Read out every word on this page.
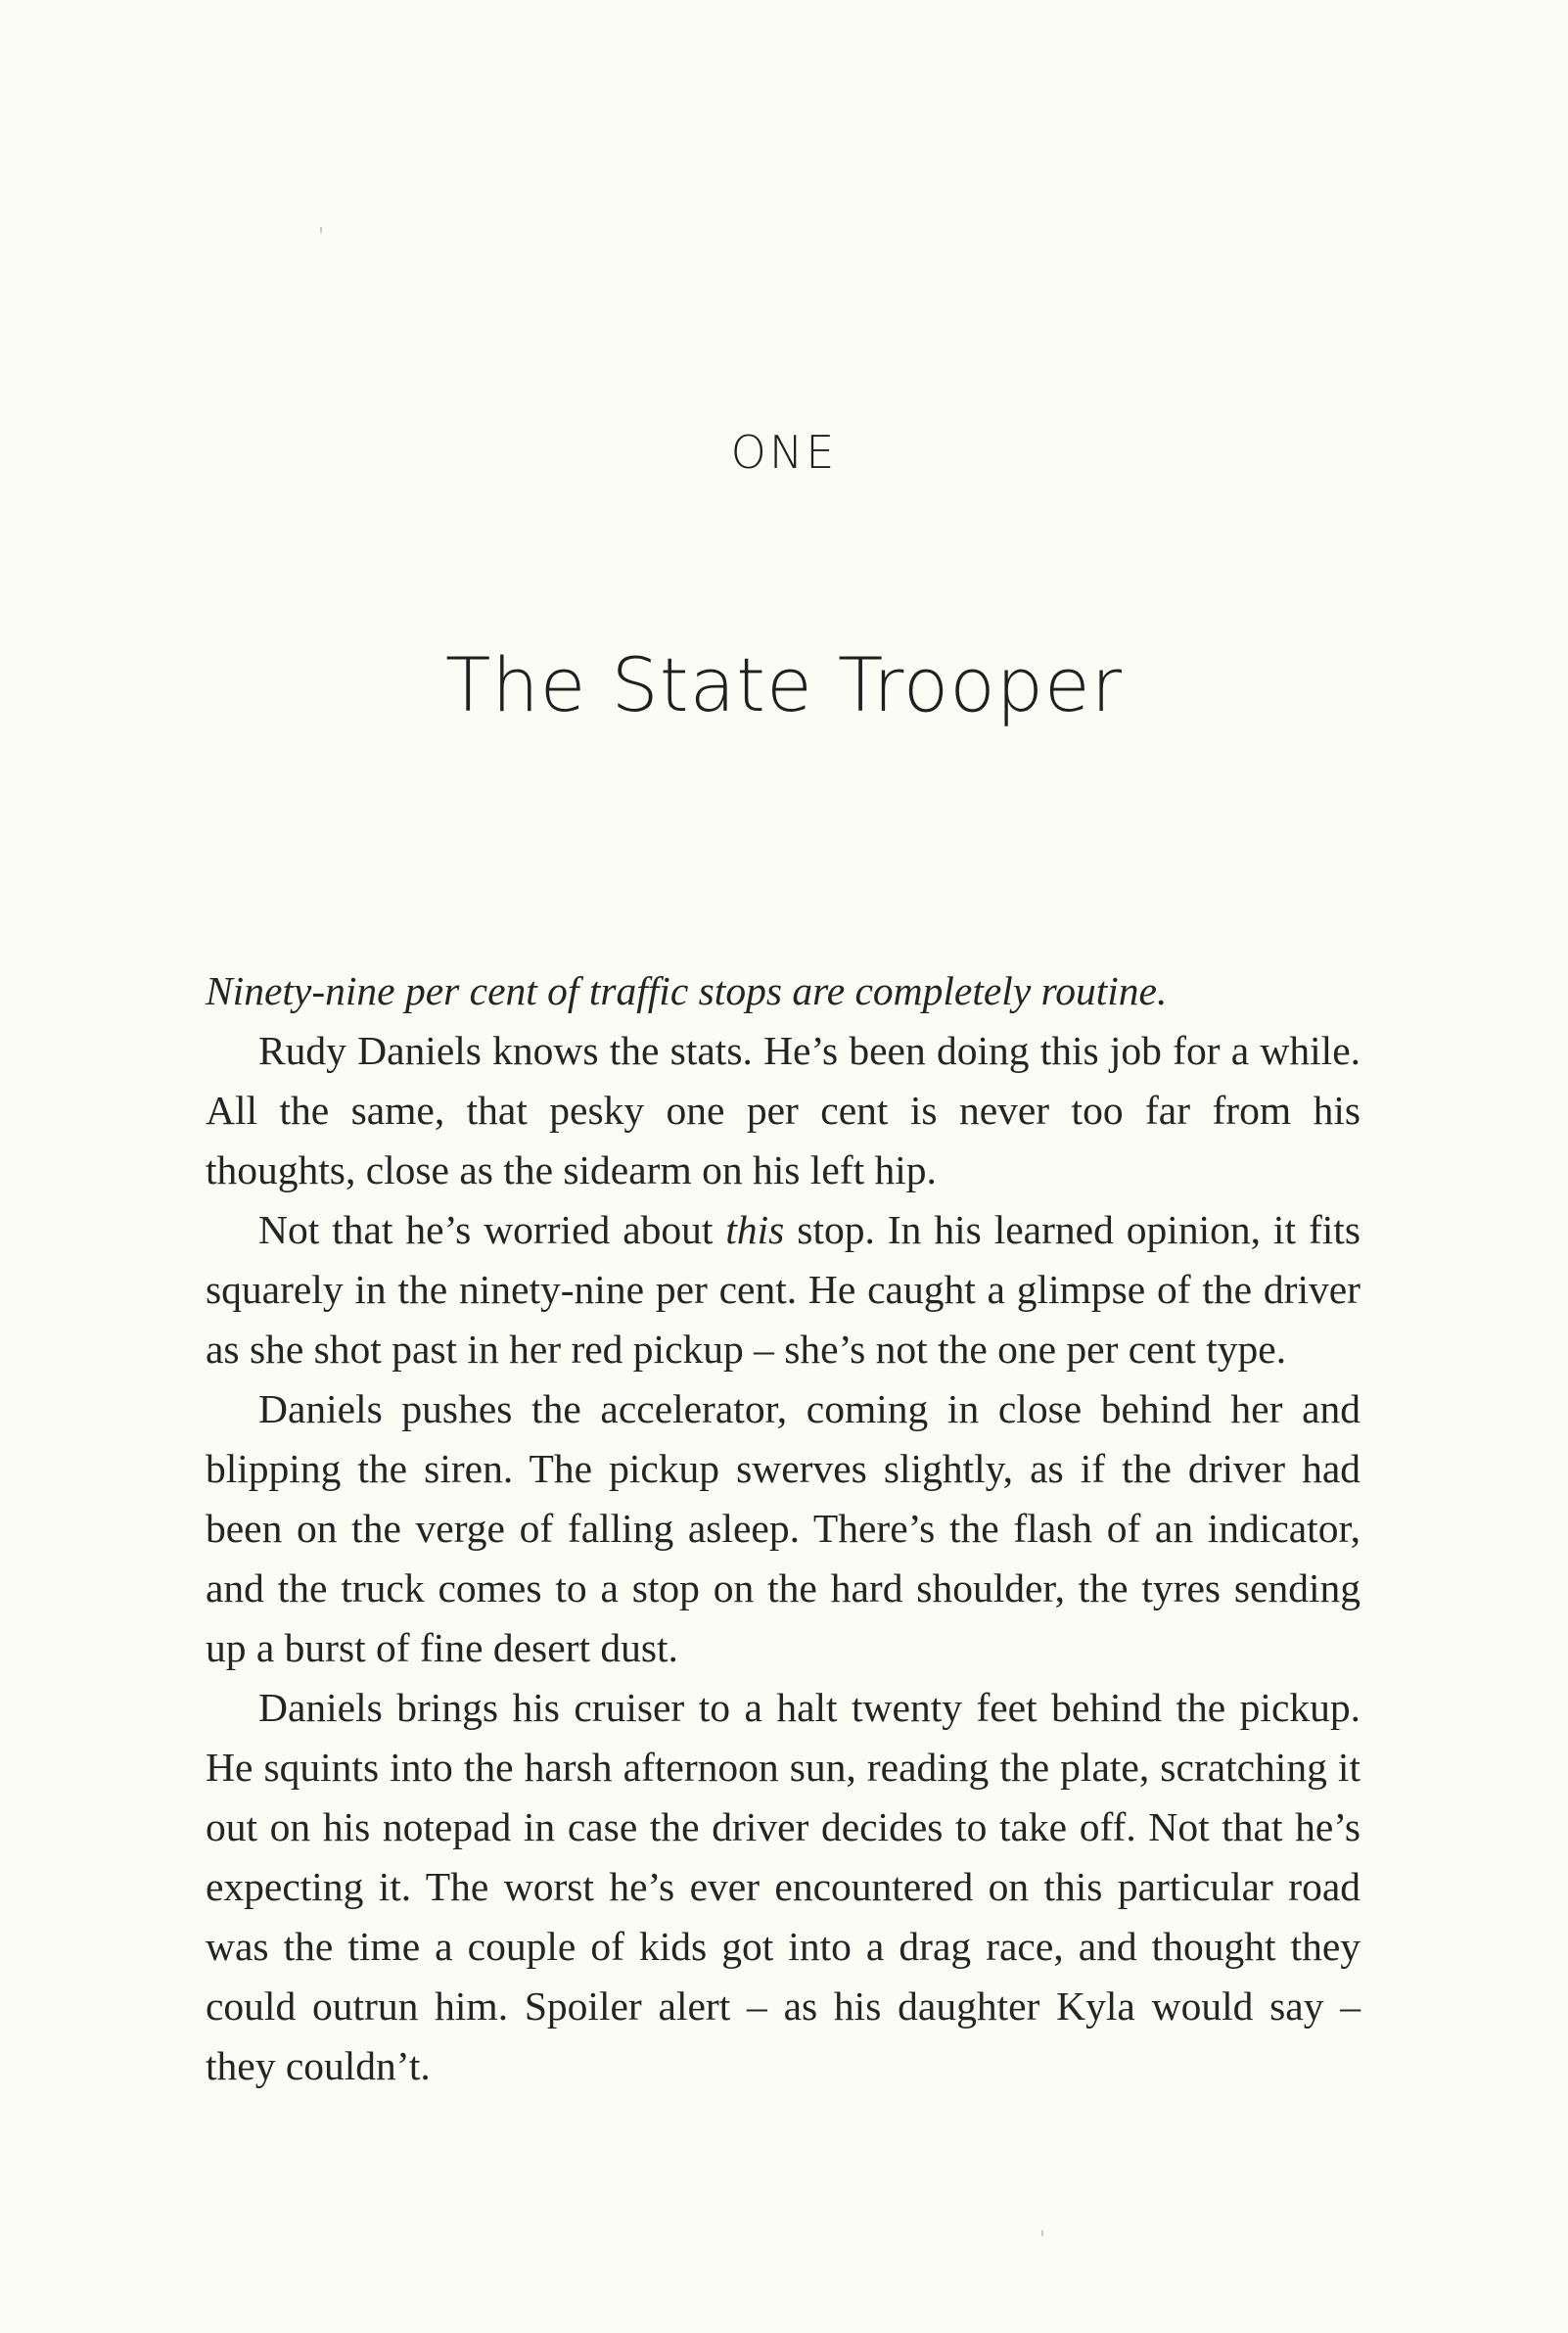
ONE
The State Trooper

Ninety-nine per cent of traffic stops are completely routine.

Rudy Daniels knows the stats. He’s been doing this job for a while. All the same, that pesky one per cent is never too far from his thoughts, close as the sidearm on his left hip.

Not that he’s worried about this stop. In his learned opinion, it fits squarely in the ninety-nine per cent. He caught a glimpse of the driver as she shot past in her red pickup – she’s not the one per cent type.

Daniels pushes the accelerator, coming in close behind her and blipping the siren. The pickup swerves slightly, as if the driver had been on the verge of falling asleep. There’s the flash of an indicator, and the truck comes to a stop on the hard shoulder, the tyres sending up a burst of fine desert dust.

Daniels brings his cruiser to a halt twenty feet behind the pickup. He squints into the harsh afternoon sun, reading the plate, scratching it out on his notepad in case the driver decides to take off. Not that he’s expecting it. The worst he’s ever encountered on this particular road was the time a couple of kids got into a drag race, and thought they could outrun him. Spoiler alert – as his daughter Kyla would say – they couldn’t.
